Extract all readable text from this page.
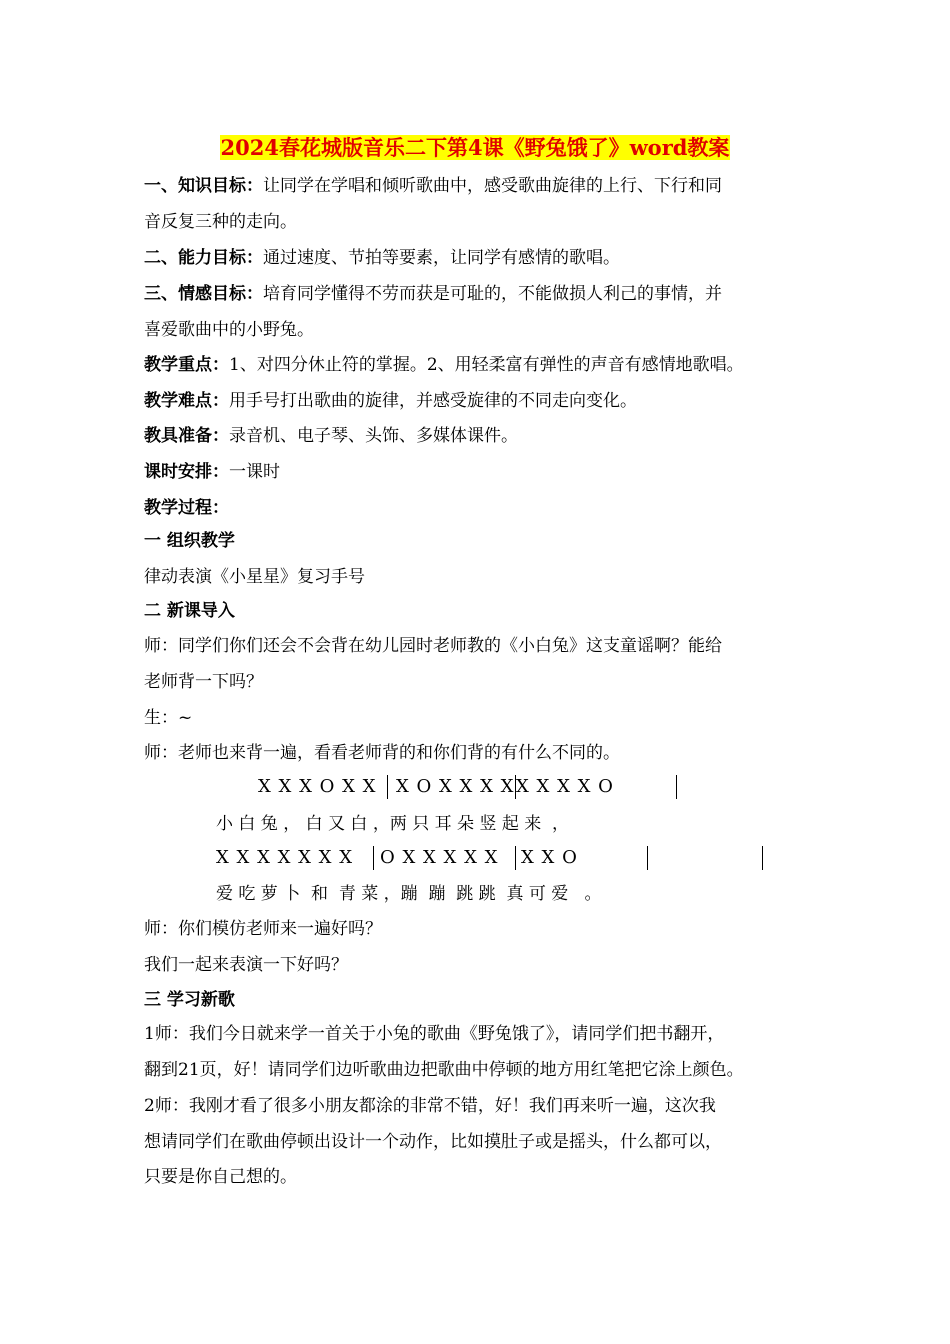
2024春花城版音乐二下第4课《野兔饿了》word教案
一、知识目标：让同学在学唱和倾听歌曲中，感受歌曲旋律的上行、下行和同
音反复三种的走向。
二、能力目标：通过速度、节拍等要素，让同学有感情的歌唱。
三、情感目标：培育同学懂得不劳而获是可耻的，不能做损人利己的事情，并
喜爱歌曲中的小野兔。
教学重点：1、对四分休止符的掌握。2、用轻柔富有弹性的声音有感情地歌唱。
教学难点：用手号打出歌曲的旋律，并感受旋律的不同走向变化。
教具准备：录音机、电子琴、头饰、多媒体课件。
课时安排：一课时
教学过程：
一 组织教学
律动表演《小星星》复习手号
二 新课导入
师：同学们你们还会不会背在幼儿园时老师教的《小白兔》这支童谣啊？能给
老师背一下吗？
生：~
师：老师也来背一遍，看看老师背的和你们背的有什么不同的。
X X X O X X X O X X X X X X X X O
小 白 兔 ， 白 又 白 ，两 只 耳 朵 竖 起 来  ，
X X X X X X X O X X X X X X X O
爱 吃 萝 卜  和  青 菜 ，蹦  蹦  跳 跳  真 可 爱   。
师：你们模仿老师来一遍好吗？
我们一起来表演一下好吗？
三 学习新歌
1师：我们今日就来学一首关于小兔的歌曲《野兔饿了》，请同学们把书翻开，
翻到21页，好！请同学们边听歌曲边把歌曲中停顿的地方用红笔把它涂上颜色。
2师：我刚才看了很多小朋友都涂的非常不错，好！我们再来听一遍，这次我
想请同学们在歌曲停顿出设计一个动作，比如摸肚子或是摇头，什么都可以，
只要是你自己想的。
